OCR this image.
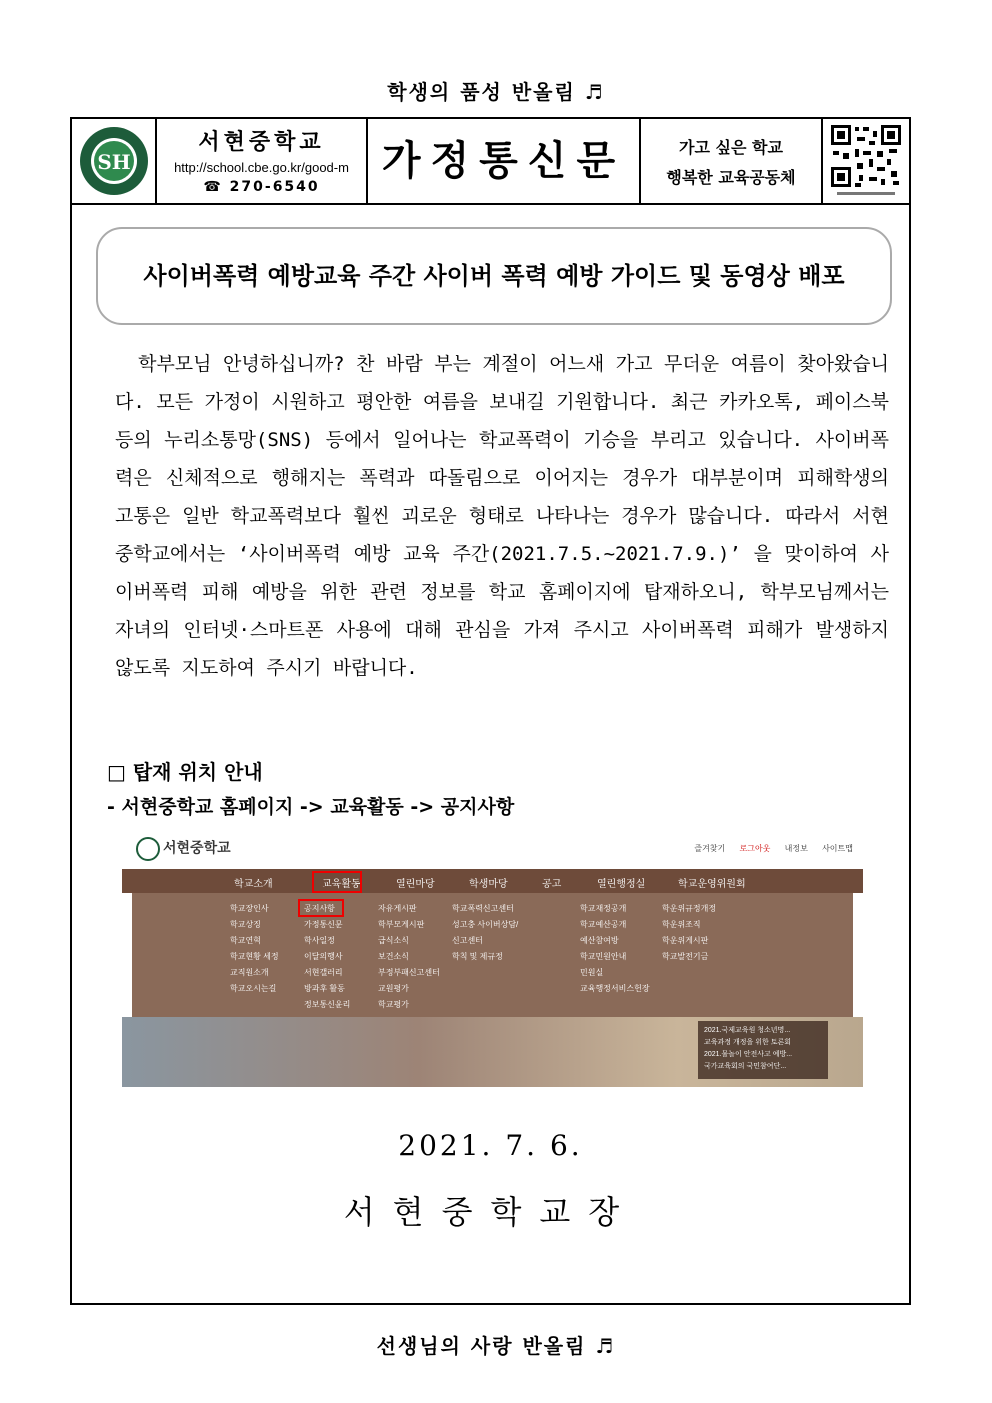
학생의 품성 반올림 ♬
SH
서현중학교
http://school.cbe.go.kr/good-m
☎ 270-6540
가정통신문	가고 싶은 학교
행복한 교육공동체
사이버폭력 예방교육 주간 사이버 폭력 예방 가이드 및 동영상 배포
학부모님 안녕하십니까? 찬 바람 부는 계절이 어느새 가고 무더운 여름이 찾아왔습니다. 모든 가정이 시원하고 평안한 여름을 보내길 기원합니다. 최근 카카오톡, 페이스북 등의 누리소통망(SNS) 등에서 일어나는 학교폭력이 기승을 부리고 있습니다. 사이버폭력은 신체적으로 행해지는 폭력과 따돌림으로 이어지는 경우가 대부분이며 피해학생의 고통은 일반 학교폭력보다 훨씬 괴로운 형태로 나타나는 경우가 많습니다. 따라서 서현중학교에서는 ‘사이버폭력 예방 교육 주간(2021.7.5.~2021.7.9.)’ 을 맞이하여 사이버폭력 피해 예방을 위한 관련 정보를 학교 홈페이지에 탑재하오니, 학부모님께서는 자녀의 인터넷·스마트폰 사용에 대해 관심을 가져 주시고 사이버폭력 피해가 발생하지 않도록 지도하여 주시기 바랍니다.
□ 탑재 위치 안내
- 서현중학교 홈페이지 -> 교육활동 -> 공지사항
서현중학교	즐겨찾기 로그아웃 내정보 사이트맵
학교소개	교육활동	열린마당	학생마당	공고	열린행정실	학교운영위원회
학교장인사
학교상징
학교연혁
학교현황 세정
교직원소개
학교오시는길
공지사항
가정통신문
학사일정
이달의행사
서현갤러리
방과후 활동
정보통신윤리
자유게시판
학부모게시판
급식소식
보건소식
부정부패신고센터
교원평가
학교평가
학교폭력신고센터
성고충 사이버상담/
신고센터
학칙 및 제규정
학교재정공개
학교예산공개
예산참여방
학교민원안내
민원실
교육행정서비스헌장
학운위규정개정
학운위조직
학운위게시판
학교발전기금
2021.국제교육원 청소년명...
교육과정 개정을 위한 토론회
2021.물놀이 안전사고 예방...
국가교육회의 국민참여단...
2021. 7. 6.
서현중학교장
선생님의 사랑 반올림 ♬
